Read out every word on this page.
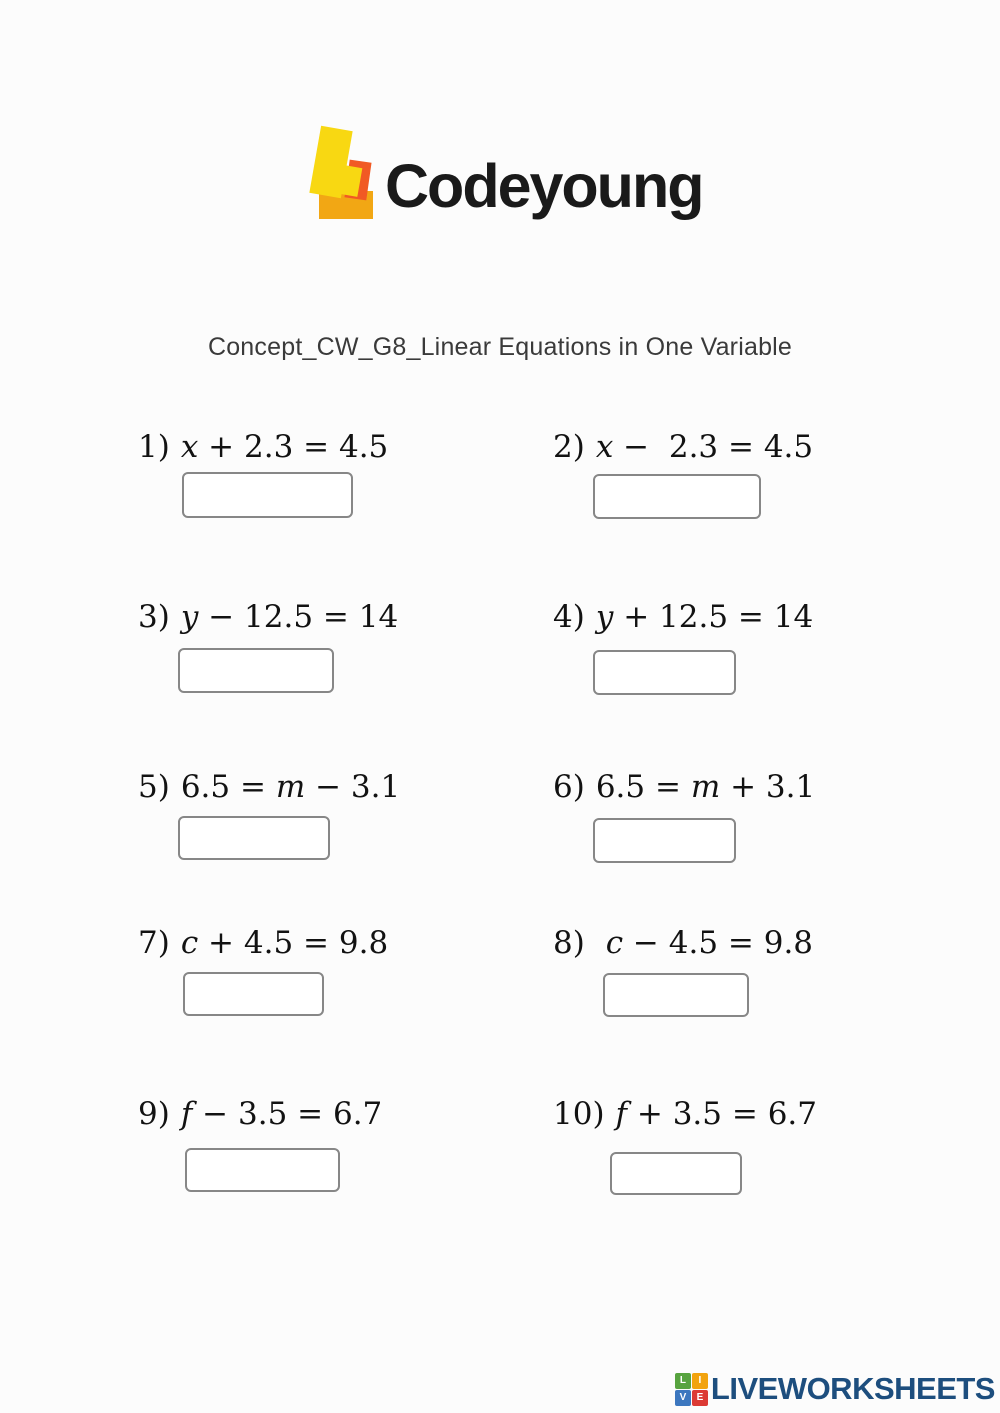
Codeyoung
Concept_CW_G8_Linear Equations in One Variable
1) x + 2.3 = 4.5	2) x −  2.3 = 4.5
3) y − 12.5 = 14	4) y + 12.5 = 14
5) 6.5 = m − 3.1	6) 6.5 = m + 3.1
7) c + 4.5 = 9.8	8) c − 4.5 = 9.8
9) f − 3.5 = 6.7	10) f + 3.5 = 6.7
L	I
V	E LIVEWORKSHEETS
